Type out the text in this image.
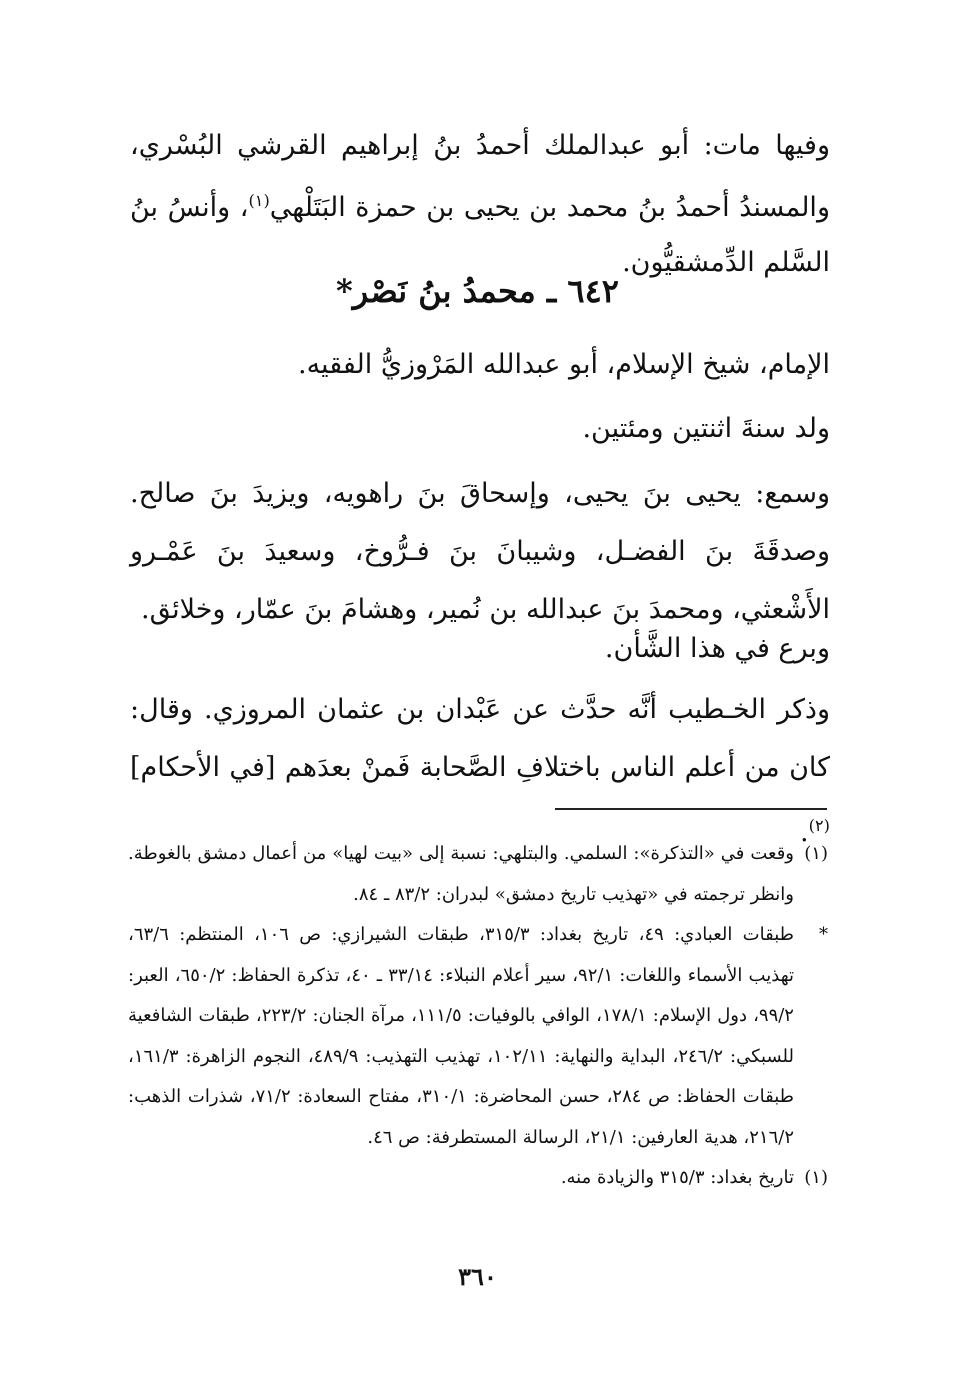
وفيها مات: أبو عبدالملك أحمدُ بنُ إبراهيم القرشي البُسْري، والمسندُ أحمدُ بنُ محمد بن يحيى بن حمزة البَتَلْهي$^{(١)}$، وأنسُ بنُ السَّلم الدِّمشقيُّون.
٦٤٢ ـ محمدُ بنُ نَصْر*
الإمام، شيخ الإسلام، أبو عبدالله المَرْوزيُّ الفقيه.
ولد سنةَ اثنتين ومئتين.
وسمع: يحيى بنَ يحيى، وإسحاقَ بنَ راهويه، ويزيدَ بنَ صالح. وصدقَةَ بنَ الفضـل، وشيبانَ بنَ فـرُّوخ، وسعيدَ بنَ عَمْـرو الأَشْعثي، ومحمدَ بنَ عبدالله بن نُمير، وهشامَ بنَ عمّار، وخلائق.
وبرع في هذا الشَّأن.
وذكر الخـطيب أنَّه حدَّث عن عَبْدان بن عثمان المروزي. وقال: كان من أعلم الناس باختلافِ الصَّحابة فَمنْ بعدَهم [في الأحكام]$^{(٢)}$.
(١)
وقعت في «التذكرة»: السلمي. والبتلهي: نسبة إلى «بيت لهيا» من أعمال دمشق بالغوطة. وانظر ترجمته في «تهذيب تاريخ دمشق» لبدران: ٨٣/٢ ـ ٨٤.
*
طبقات العبادي: ٤٩، تاريخ بغداد: ٣١٥/٣، طبقات الشيرازي: ص ١٠٦، المنتظم: ٦٣/٦، تهذيب الأسماء واللغات: ٩٢/١، سير أعلام النبلاء: ٣٣/١٤ ـ ٤٠، تذكرة الحفاظ: ٦٥٠/٢، العبر: ٩٩/٢، دول الإسلام: ١٧٨/١، الوافي بالوفيات: ١١١/٥، مرآة الجنان: ٢٢٣/٢، طبقات الشافعية للسبكي: ٢٤٦/٢، البداية والنهاية: ١٠٢/١١، تهذيب التهذيب: ٤٨٩/٩، النجوم الزاهرة: ١٦١/٣، طبقات الحفاظ: ص ٢٨٤، حسن المحاضرة: ٣١٠/١، مفتاح السعادة: ٧١/٢، شذرات الذهب: ٢١٦/٢، هدية العارفين: ٢١/١، الرسالة المستطرفة: ص ٤٦.
(١)
تاريخ بغداد: ٣١٥/٣ والزيادة منه.
٣٦٠
